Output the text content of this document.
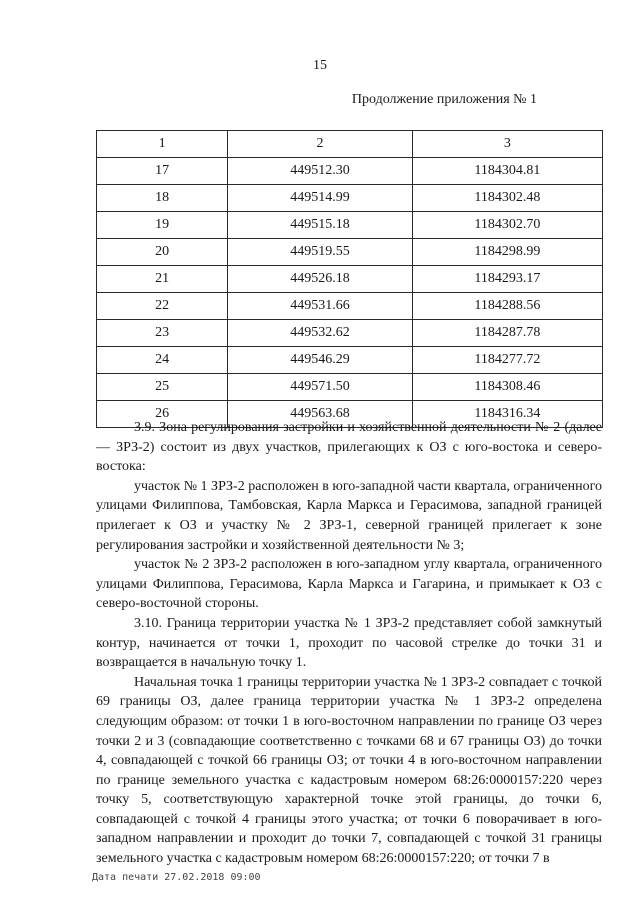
15
Продолжение приложения № 1
1	2	3
17	449512.30	1184304.81
18	449514.99	1184302.48
19	449515.18	1184302.70
20	449519.55	1184298.99
21	449526.18	1184293.17
22	449531.66	1184288.56
23	449532.62	1184287.78
24	449546.29	1184277.72
25	449571.50	1184308.46
26	449563.68	1184316.34

3.9. Зона регулирования застройки и хозяйственной деятельности № 2 (далее — ЗРЗ-2) состоит из двух участков, прилегающих к ОЗ с юго-востока и северо-востока:

участок № 1 ЗРЗ-2 расположен в юго-западной части квартала, ограниченного улицами Филиппова, Тамбовская, Карла Маркса и Герасимова, западной границей прилегает к ОЗ и участку № 2 ЗРЗ-1, северной границей прилегает к зоне регулирования застройки и хозяйственной деятельности № 3;

участок № 2 ЗРЗ-2 расположен в юго-западном углу квартала, ограниченного улицами Филиппова, Герасимова, Карла Маркса и Гагарина, и примыкает к ОЗ с северо-восточной стороны.

3.10. Граница территории участка № 1 ЗРЗ-2 представляет собой замкнутый контур, начинается от точки 1, проходит по часовой стрелке до точки 31 и возвращается в начальную точку 1.

Начальная точка 1 границы территории участка № 1 ЗРЗ-2 совпадает с точкой 69 границы ОЗ, далее граница территории участка № 1 ЗРЗ-2 определена следующим образом: от точки 1 в юго-восточном направлении по границе ОЗ через точки 2 и 3 (совпадающие соответственно с точками 68 и 67 границы ОЗ) до точки 4, совпадающей с точкой 66 границы ОЗ; от точки 4 в юго-восточном направлении по границе земельного участка с кадастровым номером 68:26:0000157:220 через точку 5, соответствующую характерной точке этой границы, до точки 6, совпадающей с точкой 4 границы этого участка; от точки 6 поворачивает в юго-западном направлении и проходит до точки 7, совпадающей с точкой 31 границы земельного участка с кадастровым номером 68:26:0000157:220; от точки 7 в

Дата печати 27.02.2018 09:00
